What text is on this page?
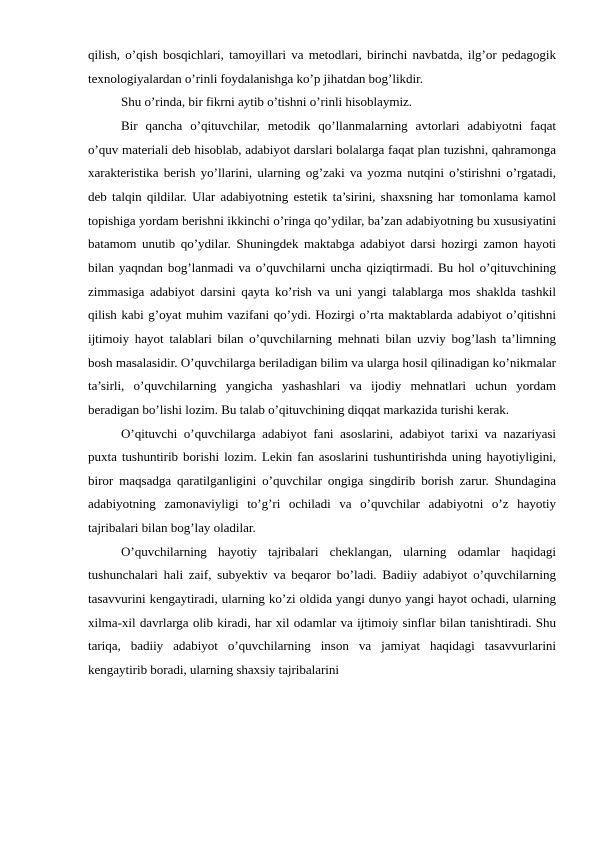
qilish, o’qish bosqichlari, tamoyillari va metodlari, birinchi navbatda, ilg’or pedagogik texnologiyalardan o’rinli foydalanishga ko’p jihatdan bog’likdir.

Shu o’rinda, bir fikrni aytib o’tishni o’rinli hisoblaymiz.

Bir qancha o’qituvchilar, metodik qo’llanmalarning avtorlari adabiyotni faqat o’quv materiali deb hisoblab, adabiyot darslari bolalarga faqat plan tuzishni, qahramonga xarakteristika berish yo’llarini, ularning og’zaki va yozma nutqini o’stirishni o’rgatadi, deb talqin qildilar. Ular adabiyotning estetik ta’sirini, shaxsning har tomonlama kamol topishiga yordam berishni ikkinchi o’ringa qo’ydilar, ba’zan adabiyotning bu xususiyatini batamom unutib qo’ydilar. Shuningdek maktabga adabiyot darsi hozirgi zamon hayoti bilan yaqndan bog’lanmadi va o’quvchilarni uncha qiziqtirmadi. Bu hol o’qituvchining zimmasiga adabiyot darsini qayta ko’rish va uni yangi talablarga mos shaklda tashkil qilish kabi g’oyat muhim vazifani qo’ydi. Hozirgi o’rta maktablarda adabiyot o’qitishni ijtimoiy hayot talablari bilan o’quvchilarning mehnati bilan uzviy bog’lash ta’limning bosh masalasidir. O’quvchilarga beriladigan bilim va ularga hosil qilinadigan ko’nikmalar ta’sirli, o’quvchilarning yangicha yashashlari va ijodiy mehnatlari uchun yordam beradigan bo’lishi lozim. Bu talab o’qituvchining diqqat markazida turishi kerak.

O’qituvchi o’quvchilarga adabiyot fani asoslarini, adabiyot tarixi va nazariyasi puxta tushuntirib borishi lozim. Lekin fan asoslarini tushuntirishda uning hayotiyligini, biror maqsadga qaratilganligini o’quvchilar ongiga singdirib borish zarur. Shundagina adabiyotning zamonaviyligi to’g’ri ochiladi va o’quvchilar adabiyotni o’z hayotiy tajribalari bilan bog’lay oladilar.

O’quvchilarning hayotiy tajribalari cheklangan, ularning odamlar haqidagi tushunchalari hali zaif, subyektiv va beqaror bo’ladi. Badiiy adabiyot o’quvchilarning tasavvurini kengaytiradi, ularning ko’zi oldida yangi dunyo yangi hayot ochadi, ularning xilma-xil davrlarga olib kiradi, har xil odamlar va ijtimoiy sinflar bilan tanishtiradi. Shu tariqa, badiiy adabiyot o’quvchilarning inson va jamiyat haqidagi tasavvurlarini kengaytirib boradi, ularning shaxsiy tajribalarini
